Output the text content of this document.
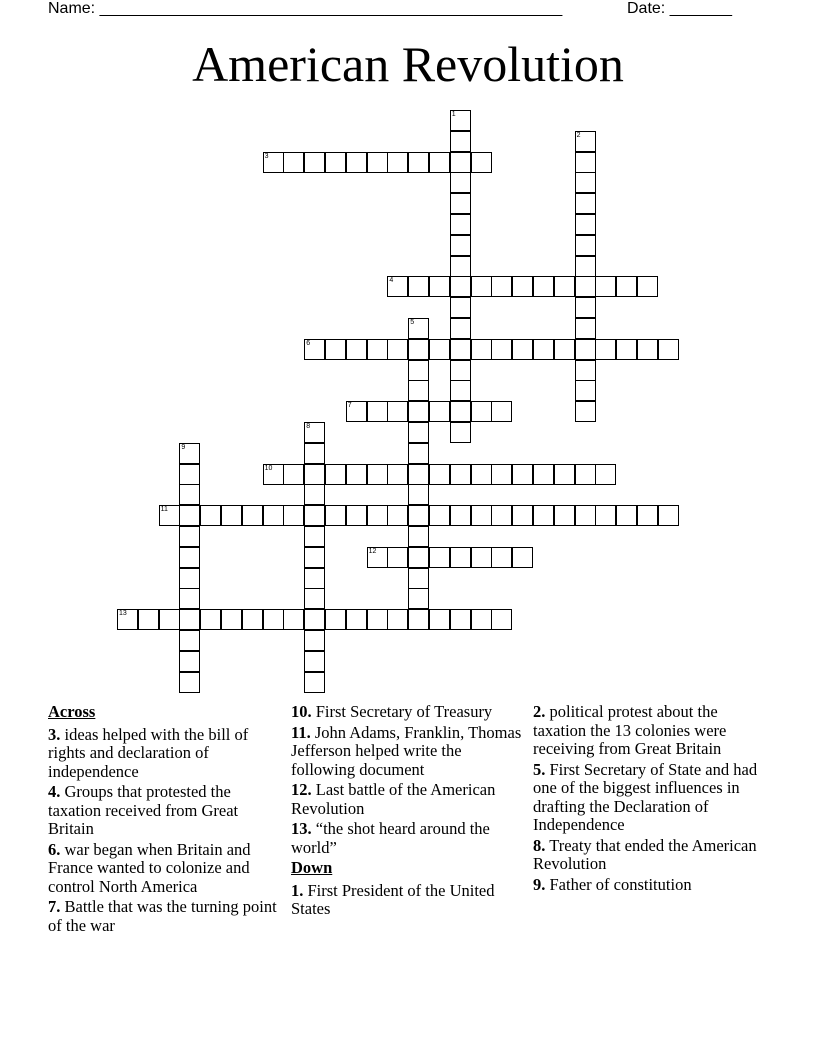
Name: ____________________________________________________	Date: _______
American Revolution
1
2
3
4
5
6
7
8
9
10
11
12
13
Across
3. ideas helped with the bill of rights and declaration of independence
4. Groups that protested the taxation received from Great Britain
6. war began when Britain and France wanted to colonize and control North America
7. Battle that was the turning point of the war
10. First Secretary of Treasury
11. John Adams, Franklin, Thomas Jefferson helped write the following document
12. Last battle of the American Revolution
13. “the shot heard around the world”
Down
1. First President of the United States
2. political protest about the taxation the 13 colonies were receiving from Great Britain
5. First Secretary of State and had one of the biggest influences in drafting the Declaration of Independence
8. Treaty that ended the American Revolution
9. Father of constitution
